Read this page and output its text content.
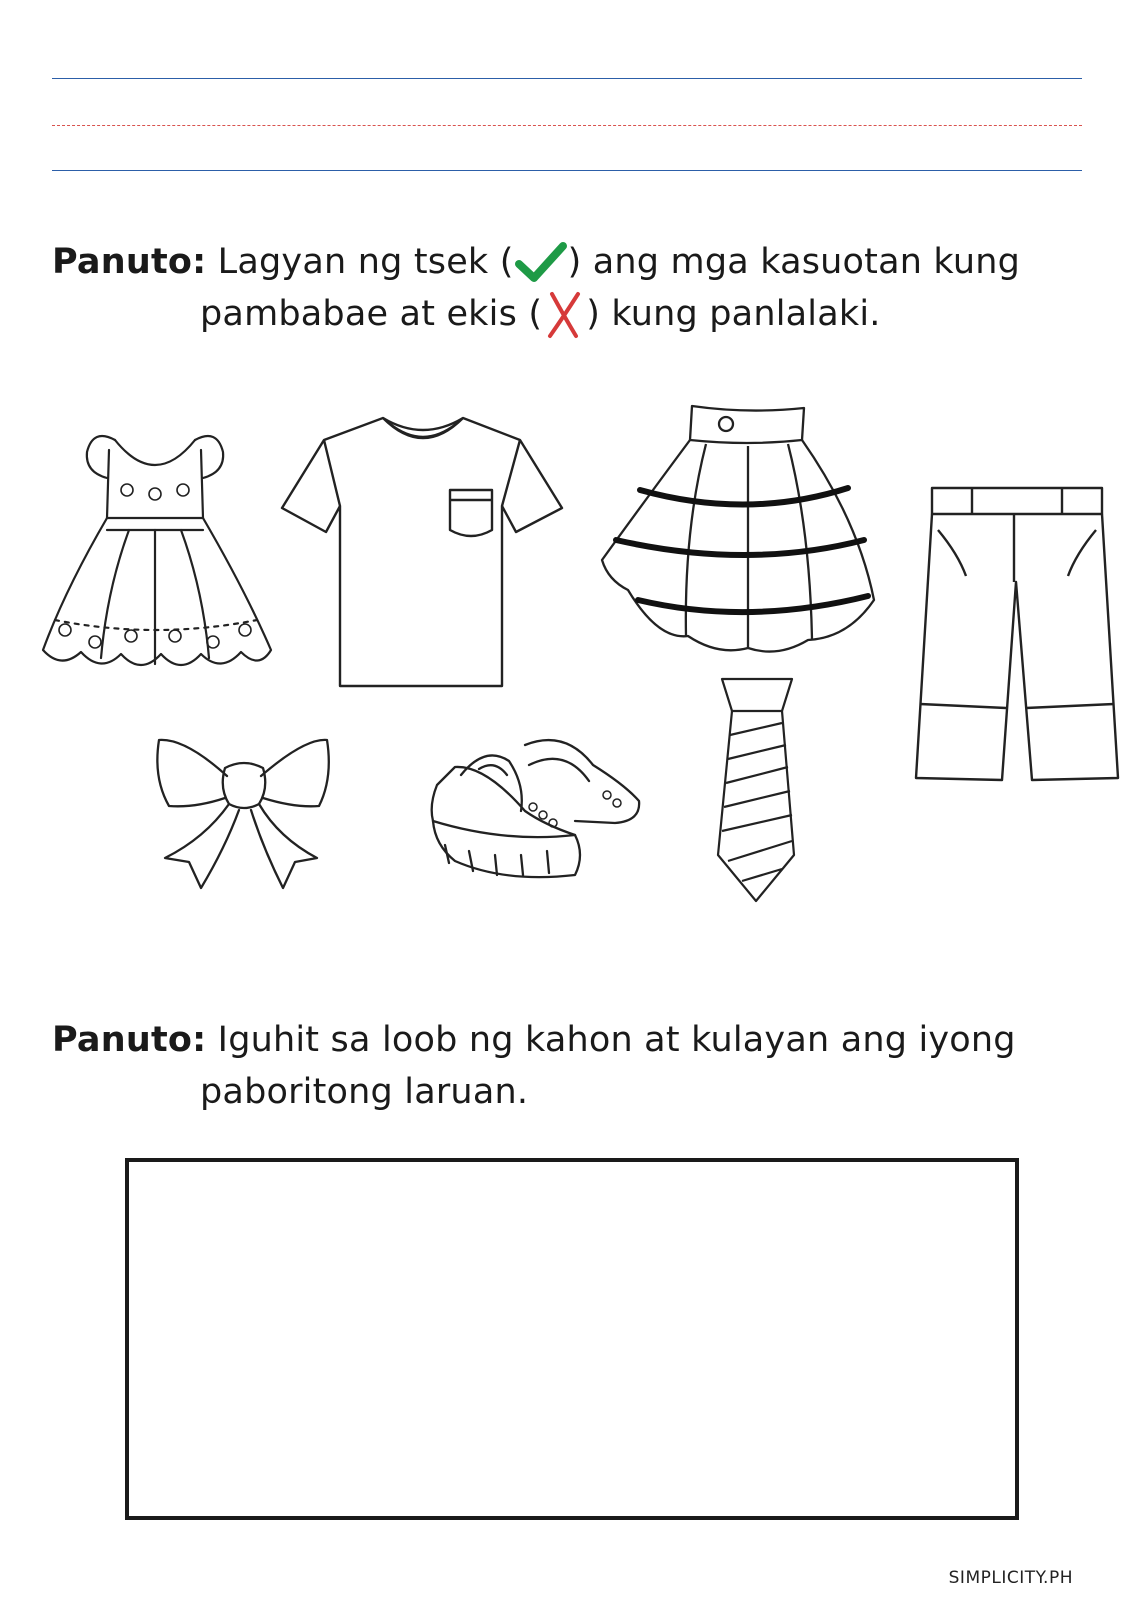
Panuto: Lagyan ng tsek ( ) ang mga kasuotan kung
pambabae at ekis ( ) kung panlalaki.
Panuto: Iguhit sa loob ng kahon at kulayan ang iyong
paboritong laruan.
SIMPLICITY.PH
